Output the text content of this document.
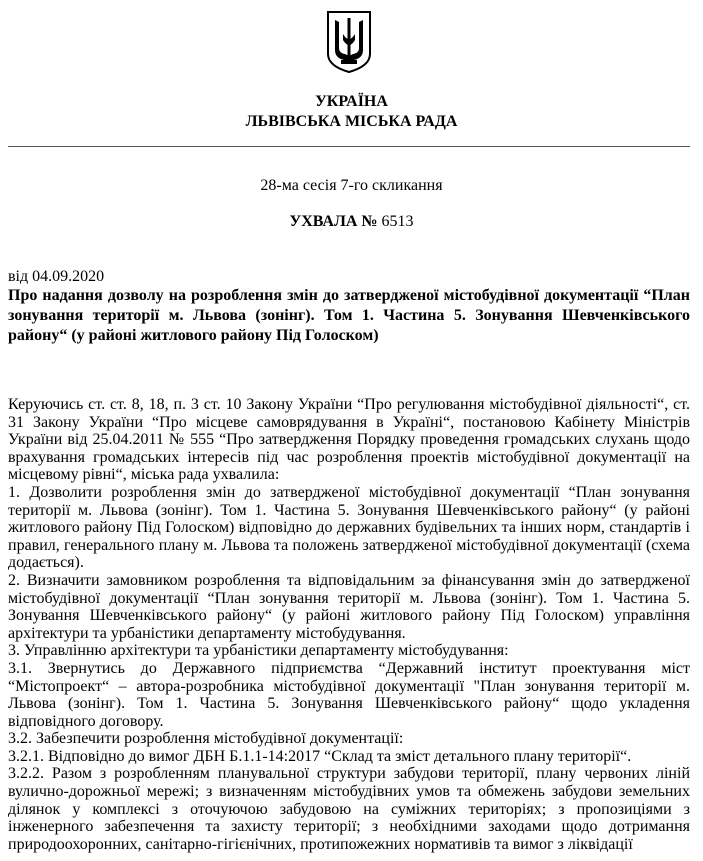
УКРАЇНА
ЛЬВІВСЬКА МІСЬКА РАДА
28-ма сесія 7-го скликання
УХВАЛА № 6513
від 04.09.2020
Про надання дозволу на розроблення змін до затвердженої містобудівної документації “План зонування території м. Львова (зонінг). Том 1. Частина 5. Зонування Шевченківського району“ (у районі житлового району Під Голоском)

Керуючись ст. ст. 8, 18, п. 3 ст. 10 Закону України “Про регулювання містобудівної діяльності“, ст. 31 Закону України “Про місцеве самоврядування в Україні“, постановою Кабінету Міністрів України від 25.04.2011 № 555 “Про затвердження Порядку проведення громадських слухань щодо врахування громадських інтересів під час розроблення проектів містобудівної документації на місцевому рівні“, міська рада ухвалила:

1. Дозволити розроблення змін до затвердженої містобудівної документації “План зонування території м. Львова (зонінг). Том 1. Частина 5. Зонування Шевченківського району“ (у районі житлового району Під Голоском) відповідно до державних будівельних та інших норм, стандартів і правил, генерального плану м. Львова та положень затвердженої містобудівної документації (схема додається).

2. Визначити замовником розроблення та відповідальним за фінансування змін до затвердженої містобудівної документації “План зонування території м. Львова (зонінг). Том 1. Частина 5. Зонування Шевченківського району“ (у районі житлового району Під Голоском) управління архітектури та урбаністики департаменту містобудування.

3. Управлінню архітектури та урбаністики департаменту містобудування:

3.1. Звернутись до Державного підприємства “Державний інститут проектування міст “Містопроект“ – автора-розробника містобудівної документації "План зонування території м. Львова (зонінг). Том 1. Частина 5. Зонування Шевченківського району“ щодо укладення відповідного договору.

3.2. Забезпечити розроблення містобудівної документації:

3.2.1. Відповідно до вимог ДБН Б.1.1-14:2017 “Склад та зміст детального плану території“.

3.2.2. Разом з розробленням планувальної структури забудови території, плану червоних ліній вулично-дорожньої мережі; з визначенням містобудівних умов та обмежень забудови земельних ділянок у комплексі з оточуючою забудовою на суміжних територіях; з пропозиціями з інженерного забезпечення та захисту території; з необхідними заходами щодо дотримання природоохоронних, санітарно-гігієнічних, протипожежних нормативів та вимог з ліквідації
